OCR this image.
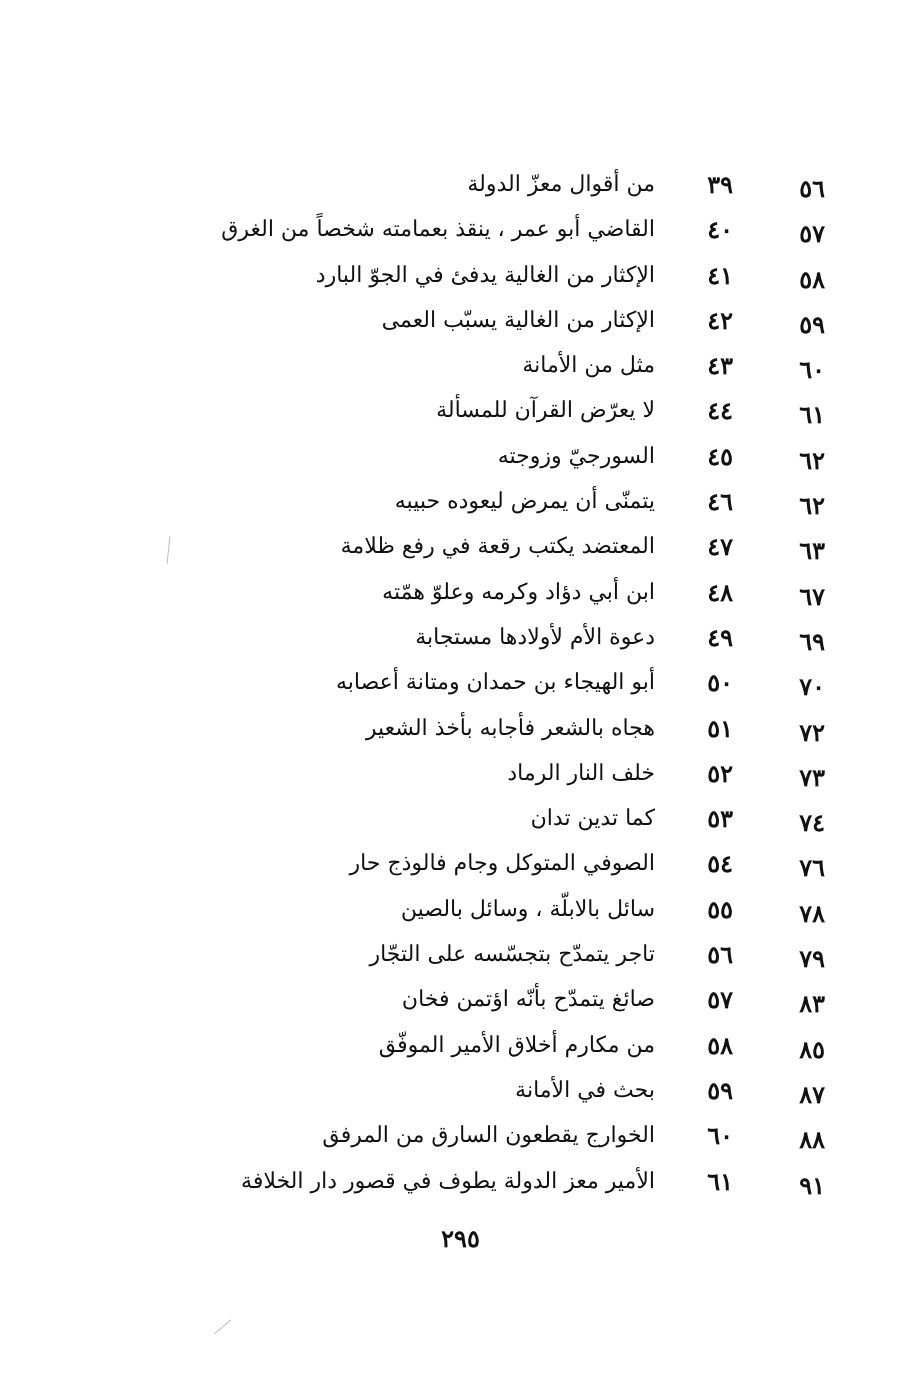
٥٦
٣٩
من أقوال معزّ الدولة
٥٧
٤٠
القاضي أبو عمر ، ينقذ بعمامته شخصاً من الغرق
٥٨
٤١
الإكثار من الغالية يدفئ في الجوّ البارد
٥٩
٤٢
الإكثار من الغالية يسبّب العمى
٦٠
٤٣
مثل من الأمانة
٦١
٤٤
لا يعرّض القرآن للمسألة
٦٢
٤٥
السورجيّ وزوجته
٦٢
٤٦
يتمنّى أن يمرض ليعوده حبيبه
٦٣
٤٧
المعتضد يكتب رقعة في رفع ظلامة
٦٧
٤٨
ابن أبي دؤاد وكرمه وعلوّ همّته
٦٩
٤٩
دعوة الأم لأولادها مستجابة
٧٠
٥٠
أبو الهيجاء بن حمدان ومتانة أعصابه
٧٢
٥١
هجاه بالشعر فأجابه بأخذ الشعير
٧٣
٥٢
خلف النار الرماد
٧٤
٥٣
كما تدين تدان
٧٦
٥٤
الصوفي المتوكل وجام فالوذج حار
٧٨
٥٥
سائل بالابلّة ، وسائل بالصين
٧٩
٥٦
تاجر يتمدّح بتجسّسه على التجّار
٨٣
٥٧
صائغ يتمدّح بأنّه اؤتمن فخان
٨٥
٥٨
من مكارم أخلاق الأمير الموفّق
٨٧
٥٩
بحث في الأمانة
٨٨
٦٠
الخوارج يقطعون السارق من المرفق
٩١
٦١
الأمير معز الدولة يطوف في قصور دار الخلافة
٢٩٥
